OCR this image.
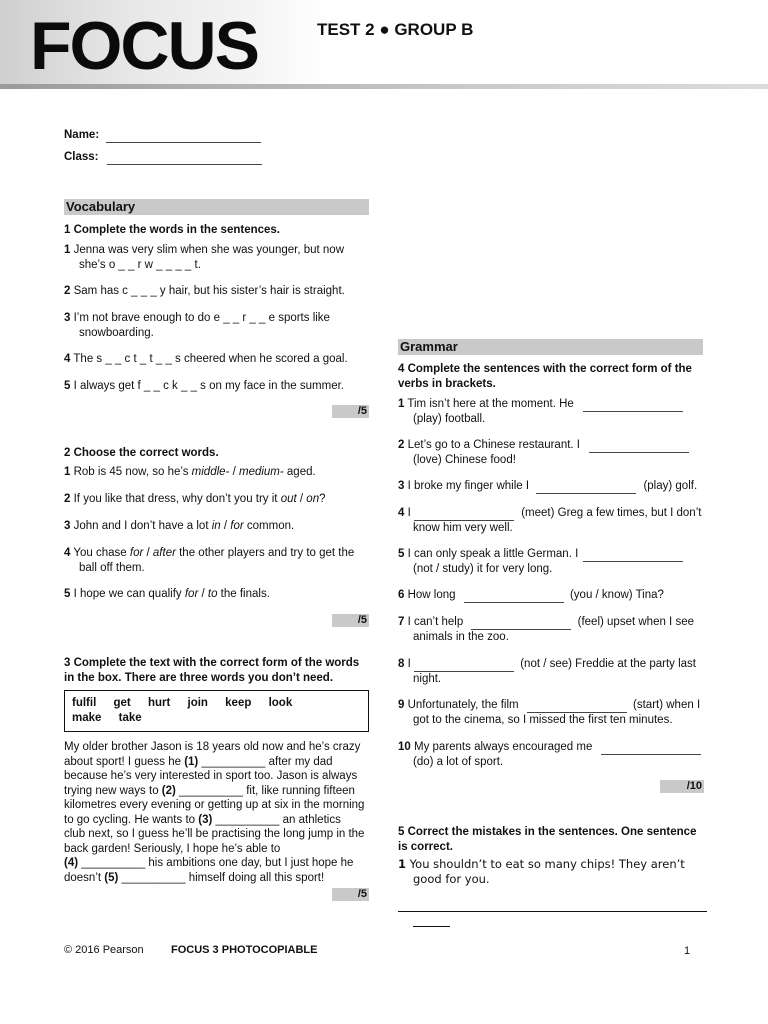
FOCUS	TEST 2 ● GROUP B
Name:
Class:
Vocabulary
1 Complete the words in the sentences.
1 Jenna was very slim when she was younger, but now
she’s o _ _ r w _ _ _ _ t.
2 Sam has c _ _ _ y hair, but his sister’s hair is straight.
3 I’m not brave enough to do e _ _ r _ _ e sports like
snowboarding.
4 The s _ _ c t _ t _ _ s cheered when he scored a goal.
5 I always get f _ _ c k _ _ s on my face in the summer.
/5
2 Choose the correct words.
1 Rob is 45 now, so he’s middle- / medium- aged.
2 If you like that dress, why don’t you try it out / on?
3 John and I don’t have a lot in / for common.
4 You chase for / after the other players and try to get the
ball off them.
5 I hope we can qualify for / to the finals.
/5
3 Complete the text with the correct form of the words
in the box. There are three words you don’t need.
fulfil get hurt join keep look
make take
My older brother Jason is 18 years old now and he’s crazy
about sport! I guess he (1) __________ after my dad
because he’s very interested in sport too. Jason is always
trying new ways to (2) __________ fit, like running fifteen
kilometres every evening or getting up at six in the morning
to go cycling. He wants to (3) __________ an athletics
club next, so I guess he’ll be practising the long jump in the
back garden! Seriously, I hope he’s able to
(4) __________ his ambitions one day, but I just hope he
doesn’t (5) __________ himself doing all this sport!
/5
Grammar
4 Complete the sentences with the correct form of the
verbs in brackets.
1 Tim isn’t here at the moment. He
(play) football.
2 Let’s go to a Chinese restaurant. I
(love) Chinese food!
3 I broke my finger while I	(play) golf.
4 I	(meet) Greg a few times, but I don’t
know him very well.
5 I can only speak a little German. I
(not / study) it for very long.
6 How long	(you / know) Tina?
7 I can’t help	(feel) upset when I see
animals in the zoo.
8 I	(not / see) Freddie at the party last
night.
9 Unfortunately, the film	(start) when I
got to the cinema, so I missed the first ten minutes.
10 My parents always encouraged me
(do) a lot of sport.
/10
5 Correct the mistakes in the sentences. One sentence
is correct.
1 You shouldn’t to eat so many chips! They aren’t
good for you.
© 2016 Pearson FOCUS 3 PHOTOCOPIABLE	1
